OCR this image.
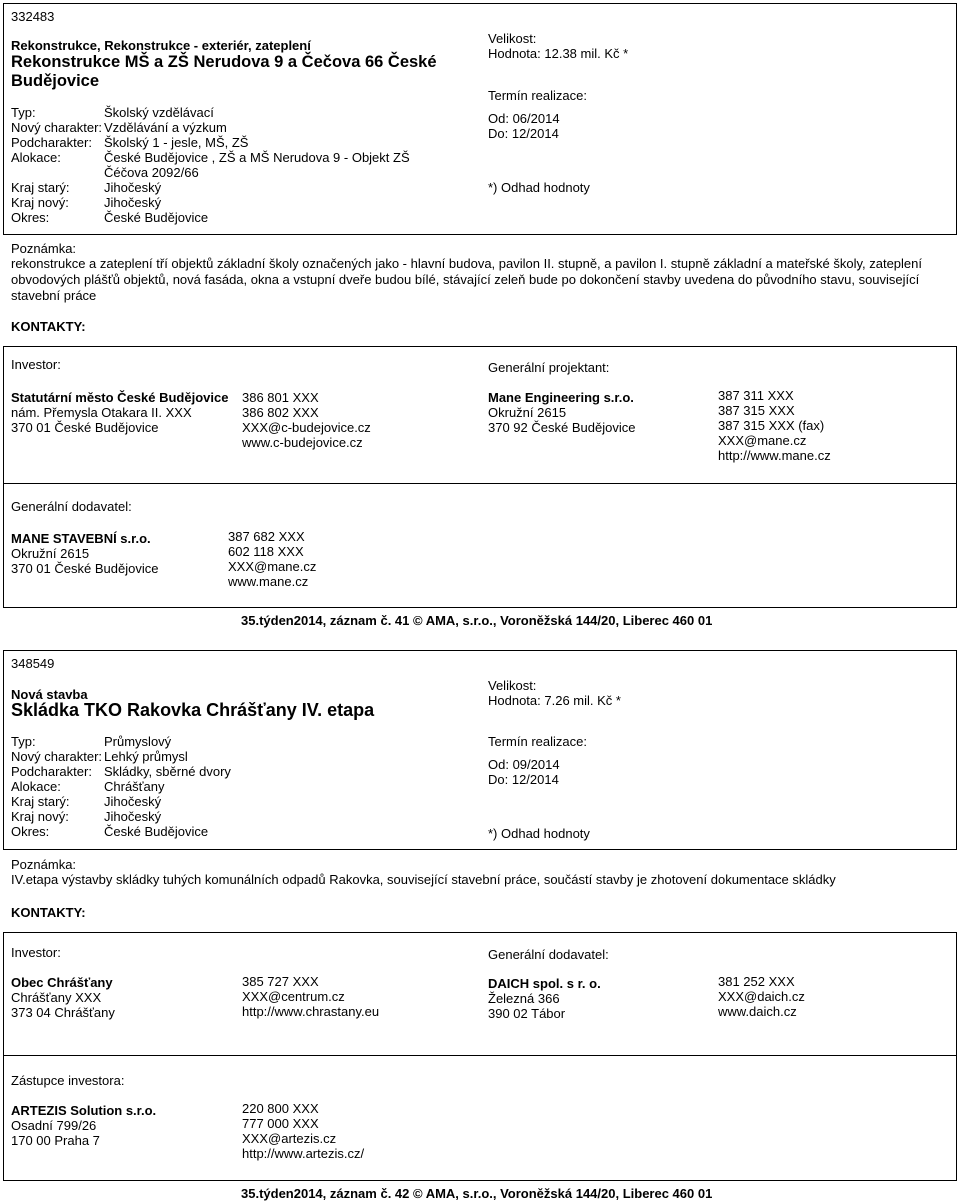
332483
Rekonstrukce, Rekonstrukce - exteriér, zateplení
Rekonstrukce MŠ a ZŠ Nerudova 9 a Čečova 66 České
Budějovice
Typ:	Školský vzdělávací
Nový charakter: Vzdělávání a výzkum
Podcharakter: Školský 1 - jesle, MŠ, ZŠ
Alokace:	České Budějovice , ZŠ a MŠ Nerudova 9 - Objekt ZŠ
Čéčova 2092/66
Kraj starý:	Jihočeský
Kraj nový:	Jihočeský
Okres:	České Budějovice
Velikost:
Hodnota: 12.38 mil. Kč *
Termín realizace:
Od: 06/2014
Do: 12/2014
*) Odhad hodnoty
Poznámka:
rekonstrukce a zateplení tří objektů základní školy označených jako - hlavní budova, pavilon II. stupně, a pavilon I. stupně základní a mateřské školy, zateplení obvodových plášťů objektů, nová fasáda, okna a vstupní dveře budou bílé, stávající zeleň bude po dokončení stavby uvedena do původního stavu, související stavební práce
KONTAKTY:
Investor:
Statutární město České Budějovice
nám. Přemysla Otakara II. XXX
370 01 České Budějovice
386 801 XXX
386 802 XXX
XXX@c-budejovice.cz
www.c-budejovice.cz
Generální projektant:
Mane Engineering s.r.o.
Okružní 2615
370 92 České Budějovice
387 311 XXX
387 315 XXX
387 315 XXX (fax)
XXX@mane.cz
http://www.mane.cz
Generální dodavatel:
MANE STAVEBNÍ s.r.o.
Okružní 2615
370 01 České Budějovice
387 682 XXX
602 118 XXX
XXX@mane.cz
www.mane.cz
35.týden2014, záznam č. 41 © AMA, s.r.o., Voroněžská 144/20, Liberec 460 01
348549
Nová stavba
Skládka TKO Rakovka Chrášťany IV. etapa
Typ:	Průmyslový
Nový charakter: Lehký průmysl
Podcharakter: Skládky, sběrné dvory
Alokace:	Chrášťany
Kraj starý:	Jihočeský
Kraj nový:	Jihočeský
Okres:	České Budějovice
Velikost:
Hodnota: 7.26 mil. Kč *
Termín realizace:
Od: 09/2014
Do: 12/2014
*) Odhad hodnoty
Poznámka:
IV.etapa výstavby skládky tuhých komunálních odpadů Rakovka, související stavební práce, součástí stavby je zhotovení dokumentace skládky
KONTAKTY:
Investor:
Obec Chrášťany
Chrášťany XXX
373 04 Chrášťany
385 727 XXX
XXX@centrum.cz
http://www.chrastany.eu
Generální dodavatel:
DAICH spol. s r. o.
Železná 366
390 02 Tábor
381 252 XXX
XXX@daich.cz
www.daich.cz
Zástupce investora:
ARTEZIS Solution s.r.o.
Osadní 799/26
170 00 Praha 7
220 800 XXX
777 000 XXX
XXX@artezis.cz
http://www.artezis.cz/
35.týden2014, záznam č. 42 © AMA, s.r.o., Voroněžská 144/20, Liberec 460 01
